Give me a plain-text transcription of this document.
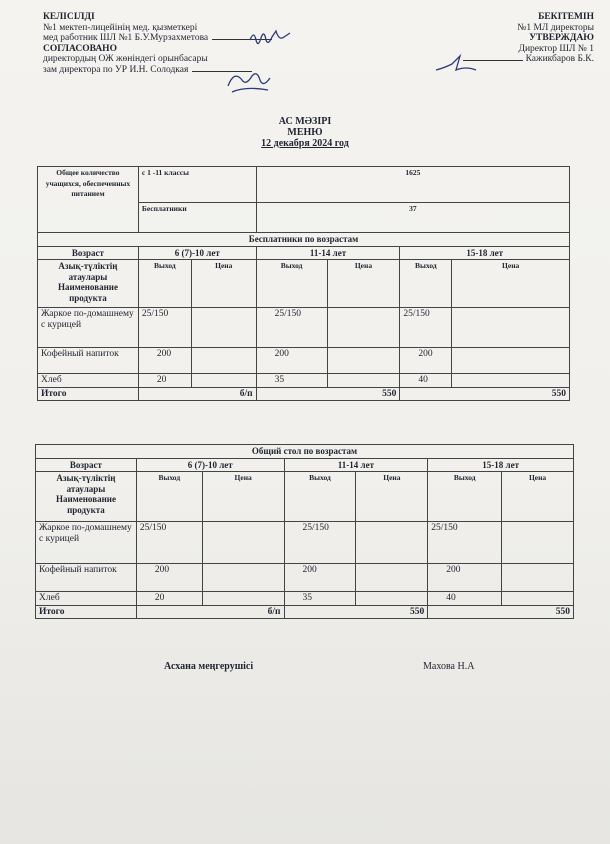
КЕЛІСІЛДІ
№1 мектеп-лицейінің мед. қызметкері
мед работник ШЛ №1 Б.У.Мурзахметова
СОГЛАСОВАНО
директордың ОЖ жөніндегі орынбасары
зам директора по УР И.Н. Солодкая
БЕКІТЕМІН
№1 МЛ директоры
УТВЕРЖДАЮ
Директор ШЛ № 1
Кажикбаров Б.К.
АС МӘЗІРІ
МЕНЮ
12 декабря 2024 год
Общее количество учащихся, обеспеченных питанием	с 1 -11 классы		1625			
	Бесплатники		37			
Бесплатники по возрастам						
Возраст	6 (7)-10 лет		11-14 лет		15-18 лет	
Азық-түліктің атаулары Наименование продукта	Выход	Цена	Выход	Цена	Выход	Цена
Жаркое по-домашнему с курицей	25/150		25/150		25/150	
Кофейный напиток	200		200		200	
Хлеб	20		35		40	
Итого	б/п		550		550	
Общий стол по возрастам						
Возраст	6 (7)-10 лет		11-14 лет		15-18 лет	
Азық-түліктің атаулары Наименование продукта	Выход	Цена	Выход	Цена	Выход	Цена
Жаркое по-домашнему с курицей	25/150		25/150		25/150	
Кофейный напиток	200		200		200	
Хлеб	20		35		40	
Итого	б/п		550		550	
Асхана меңгерушісі	Махова Н.А
